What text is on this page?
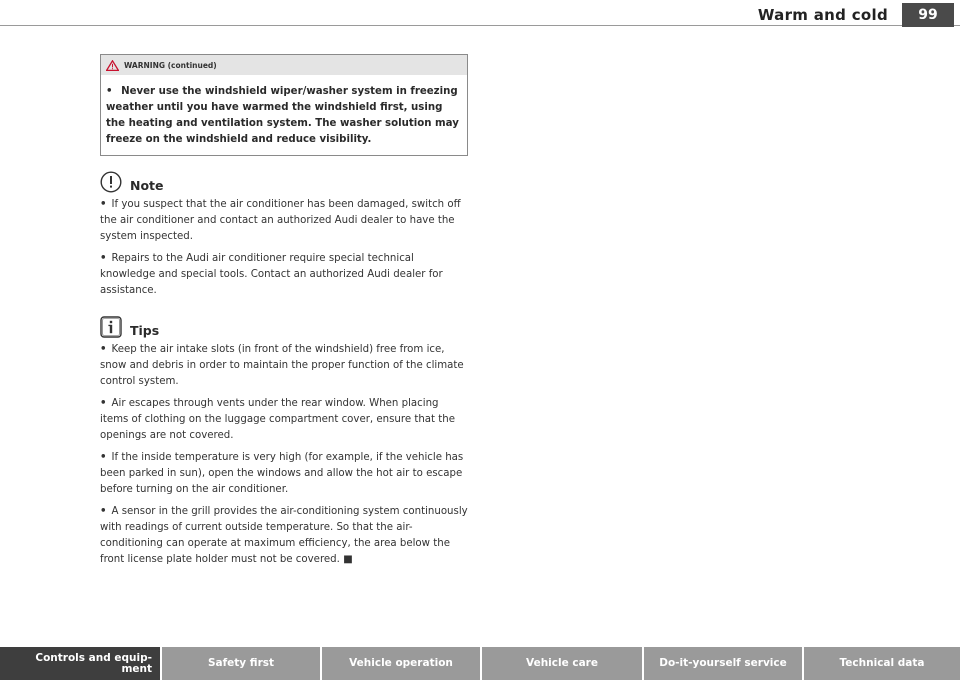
Warm and cold	99
WARNING (continued)
• Never use the windshield wiper/washer system in freezing weather until you have warmed the windshield first, using the heating and ventilation system. The washer solution may freeze on the windshield and reduce visibility.
Note

• If you suspect that the air conditioner has been damaged, switch off the air conditioner and contact an authorized Audi dealer to have the system inspected.

• Repairs to the Audi air conditioner require special technical knowledge and special tools. Contact an authorized Audi dealer for assistance.

Tips

• Keep the air intake slots (in front of the windshield) free from ice, snow and debris in order to maintain the proper function of the climate control system.

• Air escapes through vents under the rear window. When placing items of clothing on the luggage compartment cover, ensure that the openings are not covered.

• If the inside temperature is very high (for example, if the vehicle has been parked in sun), open the windows and allow the hot air to escape before turning on the air conditioner.

• A sensor in the grill provides the air-conditioning system continuously with readings of current outside temperature. So that the air-conditioning can operate at maximum efficiency, the area below the front license plate holder must not be covered. ■

Controls and equip-
ment	Safety first	Vehicle operation	Vehicle care	Do-it-yourself service	Technical data
